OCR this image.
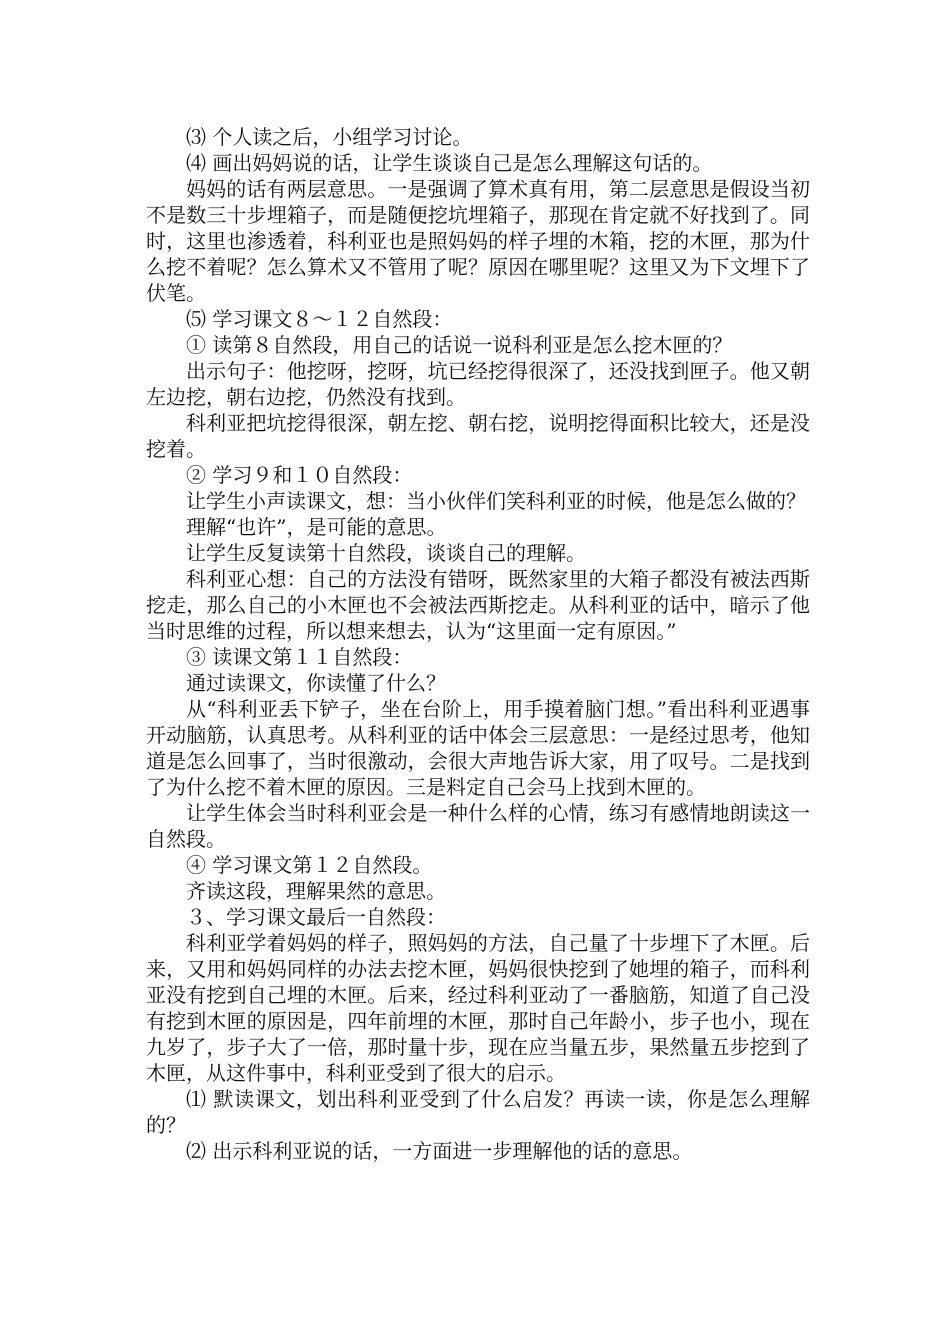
⑶ 个人读之后，小组学习讨论。

⑷ 画出妈妈说的话，让学生谈谈自己是怎么理解这句话的。

妈妈的话有两层意思。一是强调了算术真有用，第二层意思是假设当初不是数三十步埋箱子，而是随便挖坑埋箱子，那现在肯定就不好找到了。同时，这里也渗透着，科利亚也是照妈妈的样子埋的木箱，挖的木匣，那为什么挖不着呢？怎么算术又不管用了呢？原因在哪里呢？这里又为下文埋下了伏笔。

⑸ 学习课文８～１２自然段：

① 读第８自然段，用自己的话说一说科利亚是怎么挖木匣的？

出示句子：他挖呀，挖呀，坑已经挖得很深了，还没找到匣子。他又朝左边挖，朝右边挖，仍然没有找到。

科利亚把坑挖得很深，朝左挖、朝右挖，说明挖得面积比较大，还是没挖着。

② 学习９和１０自然段：

让学生小声读课文，想：当小伙伴们笑科利亚的时候，他是怎么做的？

理解“也许”，是可能的意思。

让学生反复读第十自然段，谈谈自己的理解。

科利亚心想：自己的方法没有错呀，既然家里的大箱子都没有被法西斯挖走，那么自己的小木匣也不会被法西斯挖走。从科利亚的话中，暗示了他当时思维的过程，所以想来想去，认为“这里面一定有原因。”

③ 读课文第１１自然段：

通过读课文，你读懂了什么？

从“科利亚丢下铲子，坐在台阶上，用手摸着脑门想。”看出科利亚遇事开动脑筋，认真思考。从科利亚的话中体会三层意思：一是经过思考，他知道是怎么回事了，当时很激动，会很大声地告诉大家，用了叹号。二是找到了为什么挖不着木匣的原因。三是料定自己会马上找到木匣的。

让学生体会当时科利亚会是一种什么样的心情，练习有感情地朗读这一自然段。

④ 学习课文第１２自然段。

齐读这段，理解果然的意思。

３、学习课文最后一自然段：

科利亚学着妈妈的样子，照妈妈的方法，自己量了十步埋下了木匣。后来，又用和妈妈同样的办法去挖木匣，妈妈很快挖到了她埋的箱子，而科利亚没有挖到自己埋的木匣。后来，经过科利亚动了一番脑筋，知道了自己没有挖到木匣的原因是，四年前埋的木匣，那时自己年龄小，步子也小，现在九岁了，步子大了一倍，那时量十步，现在应当量五步，果然量五步挖到了木匣，从这件事中，科利亚受到了很大的启示。

⑴ 默读课文，划出科利亚受到了什么启发？再读一读，你是怎么理解的？

⑵ 出示科利亚说的话，一方面进一步理解他的话的意思。
